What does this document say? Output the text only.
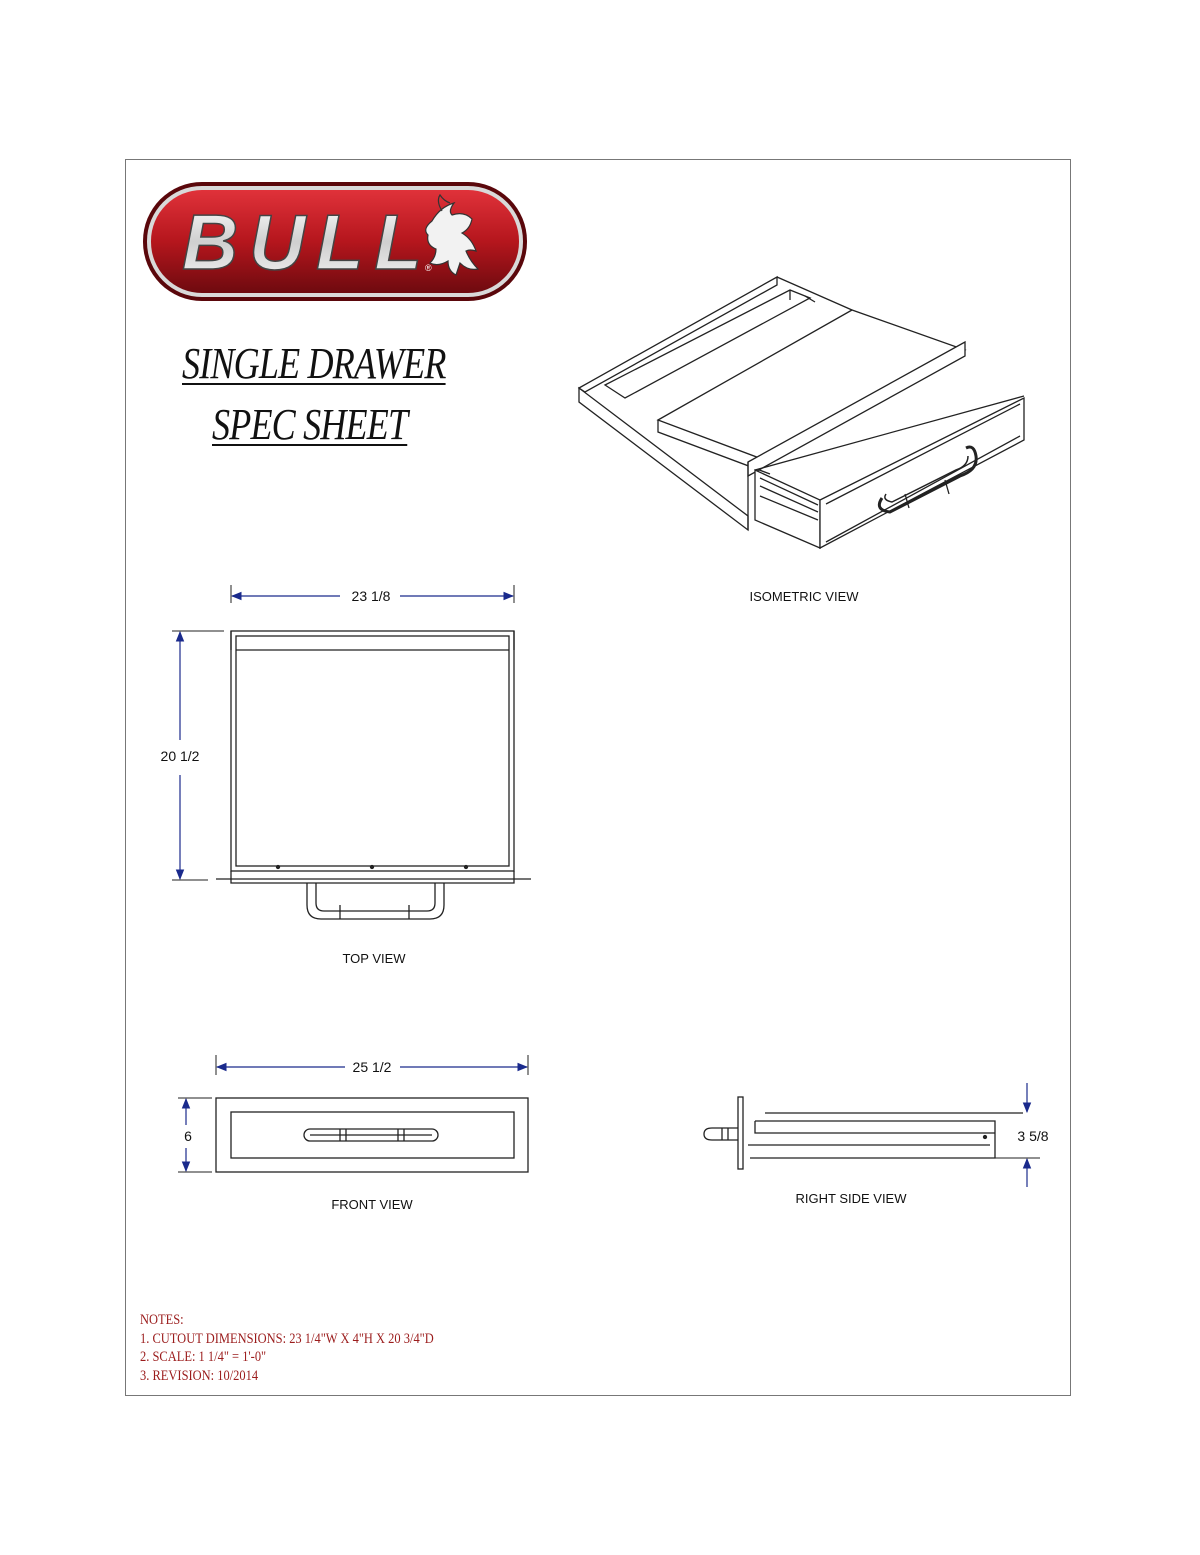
BULL ®
SINGLE DRAWER
SPEC SHEET
ISOMETRIC VIEW
23 1/8
20 1/2
TOP VIEW
25 1/2
6
FRONT VIEW
3 5/8
RIGHT SIDE VIEW
NOTES:
1. CUTOUT DIMENSIONS: 23 1/4"W X 4"H X 20 3/4"D
2. SCALE: 1 1/4" = 1'-0"
3. REVISION: 10/2014
